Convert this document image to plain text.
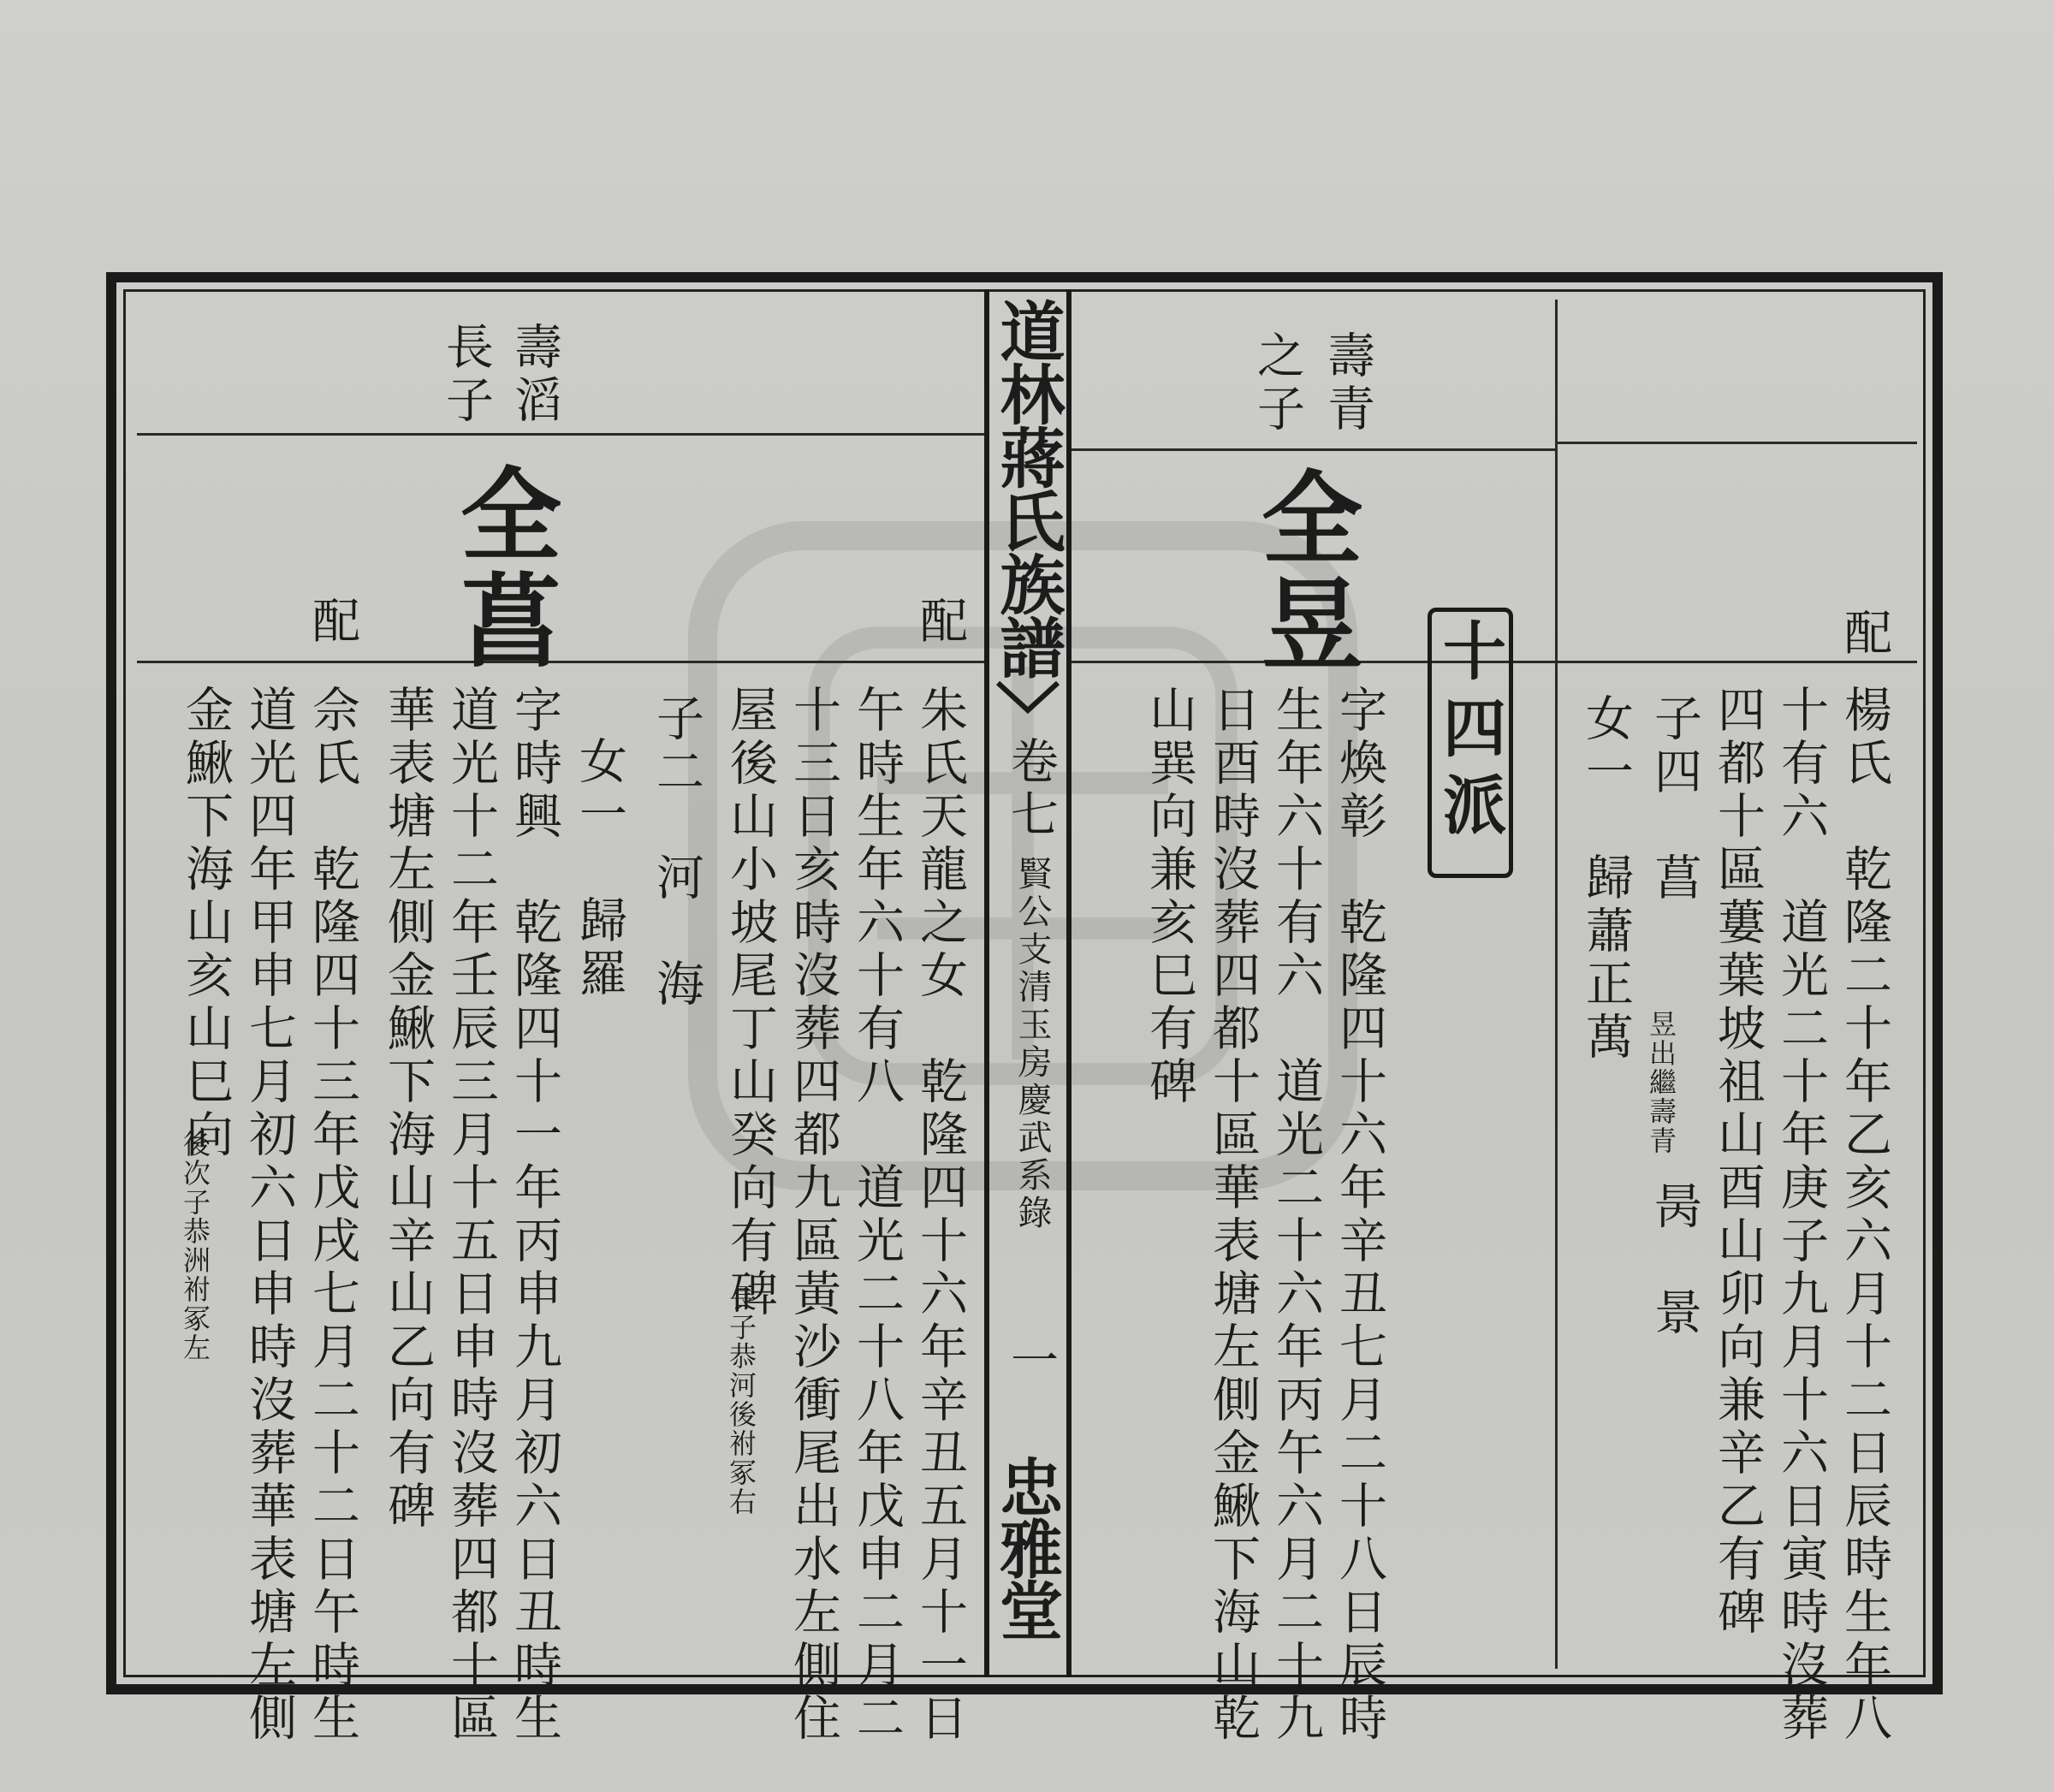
道林蔣氏族譜
卷七
賢公支清玉房慶武系錄
一
忠雅堂
十四派	配
楊氏　乾隆二十年乙亥六月十二日辰時生年八
十有六　道光二十年庚子九月十六日寅時沒葬
四都十區蔞葉坡祖山酉山卯向兼辛乙有碑
子四　菖
昱出繼壽青
昺　景
女一　歸蕭正萬
壽青
之子
全昱
字煥彰　乾隆四十六年辛丑七月二十八日辰時
生年六十有六　道光二十六年丙午六月二十九
日酉時沒葬四都十區華表塘左側金鰍下海山乾
山巽向兼亥巳有碑
配
朱氏天龍之女　乾隆四十六年辛丑五月十一日
午時生年六十有八　道光二十八年戊申二月二
十三日亥時沒葬四都九區黃沙衝尾出水左側住
屋後山小坡尾丁山癸向有碑
長子恭河後祔冢右
子二　河　海
壽滔
長子
全菖
字時興　乾隆四十一年丙申九月初六日丑時生
道光十二年壬辰三月十五日申時沒葬四都十區
華表塘左側金鰍下海山辛山乙向有碑	女一　歸羅
配
佘氏　乾隆四十三年戊戌七月二十二日午時生
道光四年甲申七月初六日申時沒葬華表塘左側
金鰍下海山亥山巳向
後次子恭洲祔冢左
